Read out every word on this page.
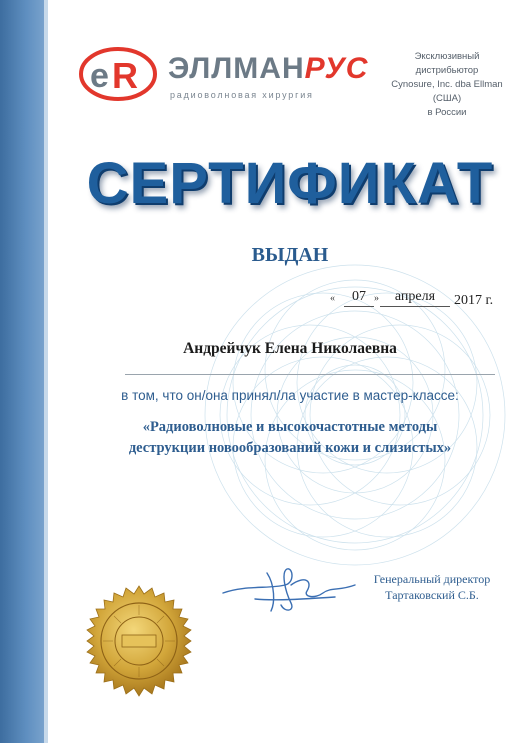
e R ЭЛЛМАНРУС
радиоволновая хирургия
Эксклюзивный дистрибьютор
Cynosure, Inc. dba Ellman (США)
в России
СЕРТИФИКАТ
ВЫДАН
«	07 »	апреля	2017 г.
Андрейчук Елена Николаевна
в том, что он/она принял/ла участие в мастер-классе:
«Радиоволновые и высокочастотные методы
деструкции новообразований кожи и слизистых»
Генеральный директор
Тартаковский С.Б.
